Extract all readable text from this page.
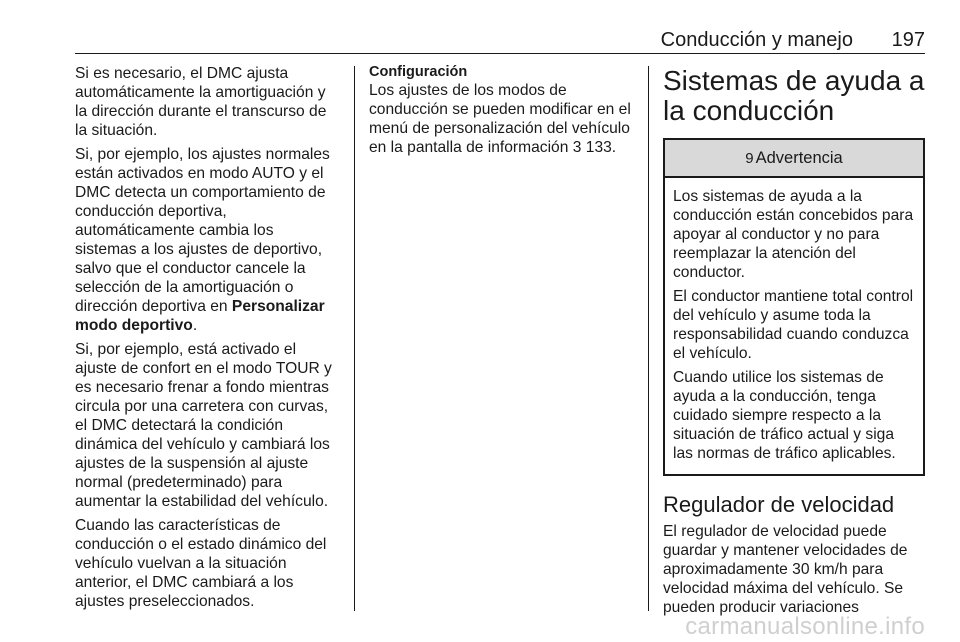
Conducción y manejo 197

Si es necesario, el DMC ajusta automáticamente la amortiguación y la dirección durante el transcurso de la situación.

Si, por ejemplo, los ajustes normales están activados en modo AUTO y el DMC detecta un comportamiento de conducción deportiva, automáticamente cambia los sistemas a los ajustes de deportivo, salvo que el conductor cancele la selección de la amortiguación o dirección deportiva en Personalizar modo deportivo.

Si, por ejemplo, está activado el ajuste de confort en el modo TOUR y es necesario frenar a fondo mientras circula por una carretera con curvas, el DMC detectará la condición dinámica del vehículo y cambiará los ajustes de la suspensión al ajuste normal (predeterminado) para aumentar la estabilidad del vehículo.

Cuando las características de conducción o el estado dinámico del vehículo vuelvan a la situación anterior, el DMC cambiará a los ajustes preseleccionados.

Configuración

Los ajustes de los modos de conducción se pueden modificar en el menú de personalización del vehículo en la pantalla de información 3 133.

Sistemas de ayuda a la conducción
9 Advertencia

Los sistemas de ayuda a la conducción están concebidos para apoyar al conductor y no para reemplazar la atención del conductor.

El conductor mantiene total control del vehículo y asume toda la responsabilidad cuando conduzca el vehículo.

Cuando utilice los sistemas de ayuda a la conducción, tenga cuidado siempre respecto a la situación de tráfico actual y siga las normas de tráfico aplicables.

Regulador de velocidad

El regulador de velocidad puede guardar y mantener velocidades de aproximadamente 30 km/h para velocidad máxima del vehículo. Se pueden producir variaciones

carmanualsonline.info
